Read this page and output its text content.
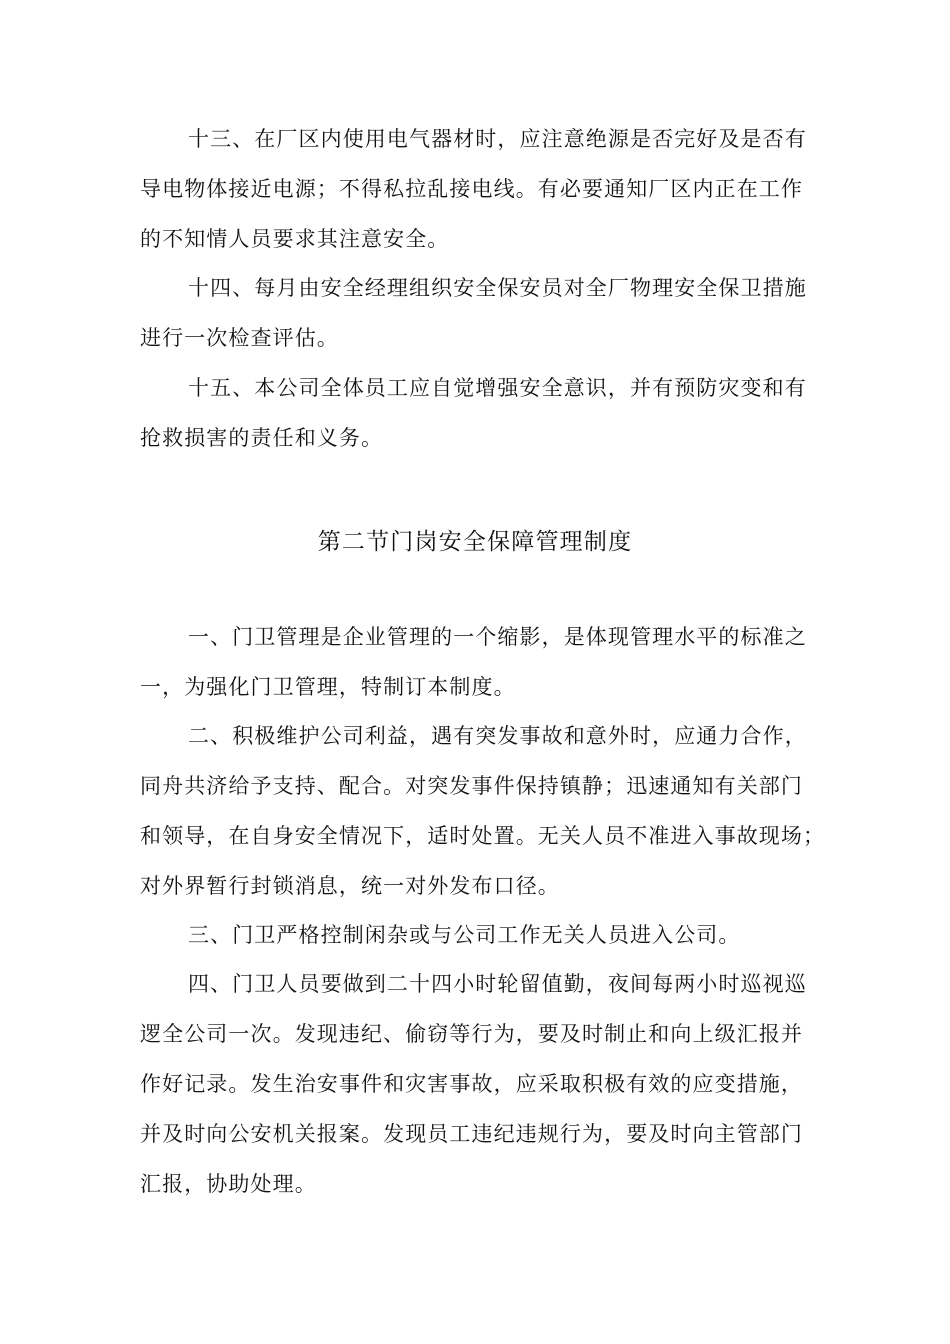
十三、在厂区内使用电气器材时，应注意绝源是否完好及是否有
导电物体接近电源；不得私拉乱接电线。有必要通知厂区内正在工作
的不知情人员要求其注意安全。
十四、每月由安全经理组织安全保安员对全厂物理安全保卫措施
进行一次检查评估。
十五、本公司全体员工应自觉增强安全意识，并有预防灾变和有
抢救损害的责任和义务。
第二节门岗安全保障管理制度
一、门卫管理是企业管理的一个缩影，是体现管理水平的标准之
一，为强化门卫管理，特制订本制度。
二、积极维护公司利益，遇有突发事故和意外时，应通力合作，
同舟共济给予支持、配合。对突发事件保持镇静；迅速通知有关部门
和领导，在自身安全情况下，适时处置。无关人员不准进入事故现场；
对外界暂行封锁消息，统一对外发布口径。
三、门卫严格控制闲杂或与公司工作无关人员进入公司。
四、门卫人员要做到二十四小时轮留值勤，夜间每两小时巡视巡
逻全公司一次。发现违纪、偷窃等行为，要及时制止和向上级汇报并
作好记录。发生治安事件和灾害事故，应采取积极有效的应变措施，
并及时向公安机关报案。发现员工违纪违规行为，要及时向主管部门
汇报，协助处理。
